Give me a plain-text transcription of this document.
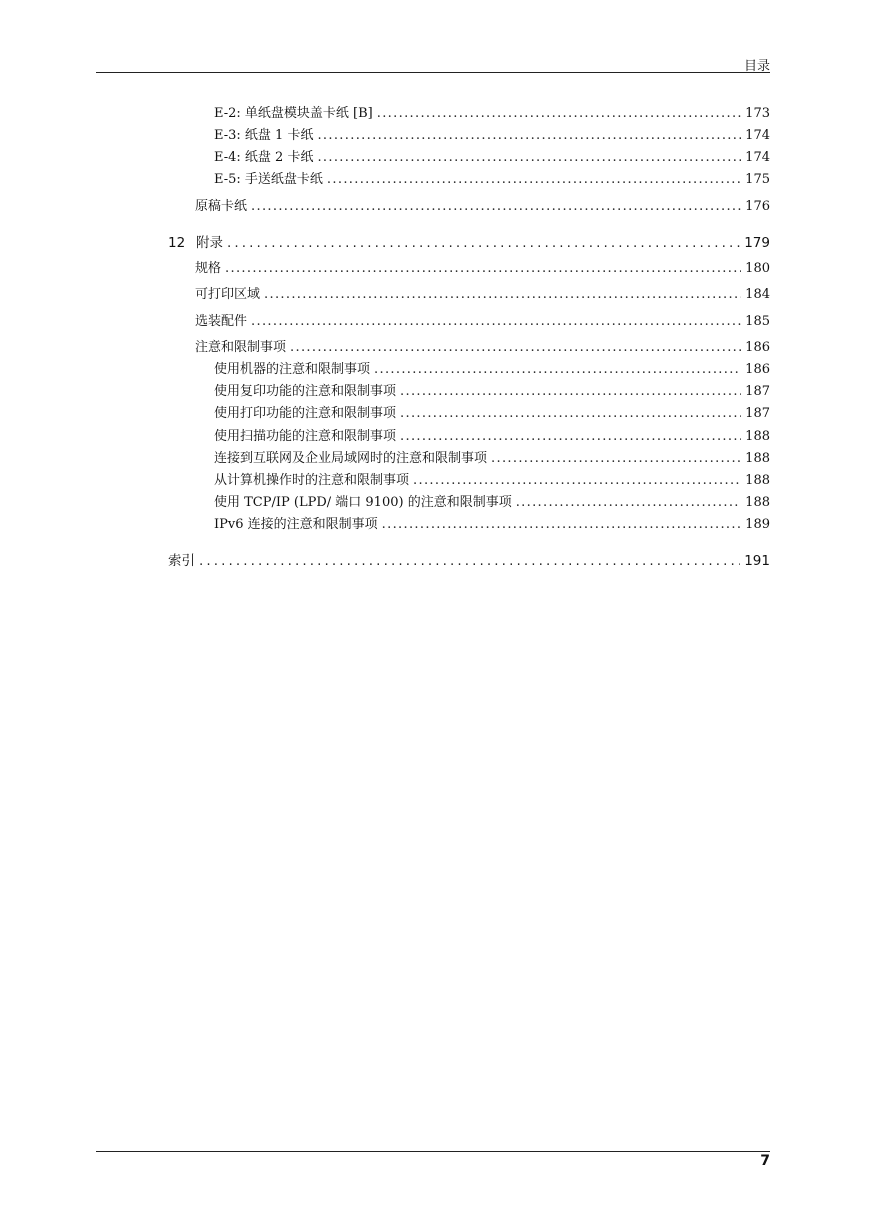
目录
E-2: 单纸盘模块盖卡纸 [B] . . .	173
E-3: 纸盘 1 卡纸 . . .	174
E-4: 纸盘 2 卡纸 . . .	174
E-5: 手送纸盘卡纸 . . .	175
原稿卡纸 . . .	176
12 附录 . . .	179
规格 . . .	180
可打印区域 . . .	184
选装配件 . . .	185
注意和限制事项 . . .	186
使用机器的注意和限制事项 . . .	186
使用复印功能的注意和限制事项 . . .	187
使用打印功能的注意和限制事项 . . .	187
使用扫描功能的注意和限制事项 . . .	188
连接到互联网及企业局域网时的注意和限制事项 . . .	188
从计算机操作时的注意和限制事项 . . .	188
使用 TCP/IP (LPD/ 端口 9100) 的注意和限制事项 . . .	188
IPv6 连接的注意和限制事项 . . .	189
索引 . . .	191
7
